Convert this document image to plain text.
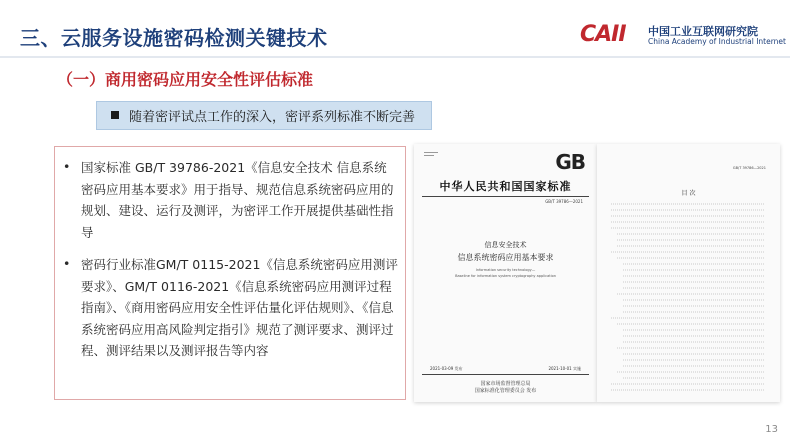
三、云服务设施密码检测关键技术	CAII 中国工业互联网研究院
China Academy of Industrial Internet
（一）商用密码应用安全性评估标准
随着密评试点工作的深入，密评系列标准不断完善
• 国家标准 GB/T 39786-2021《信息安全技术 信息系统密码应用基本要求》用于指导、规范信息系统密码应用的规划、建设、运行及测评，为密评工作开展提供基础性指导
• 密码行业标准GM/T 0115-2021《信息系统密码应用测评要求》、GM/T 0116-2021《信息系统密码应用测评过程指南》、《商用密码应用安全性评估量化评估规则》、《信息系统密码应用高风险判定指引》规范了测评要求、测评过程、测评结果以及测评报告等内容
GB
中华人民共和国国家标准
GB/T 39786—2021
信息安全技术
信息系统密码应用基本要求
Information security technology—
Baseline for information system cryptography application
2021-03-09 发布	2021-10-01 实施
国家市场监督管理总局
国家标准化管理委员会 发布
GB/T 39786—2021
目 次
13
